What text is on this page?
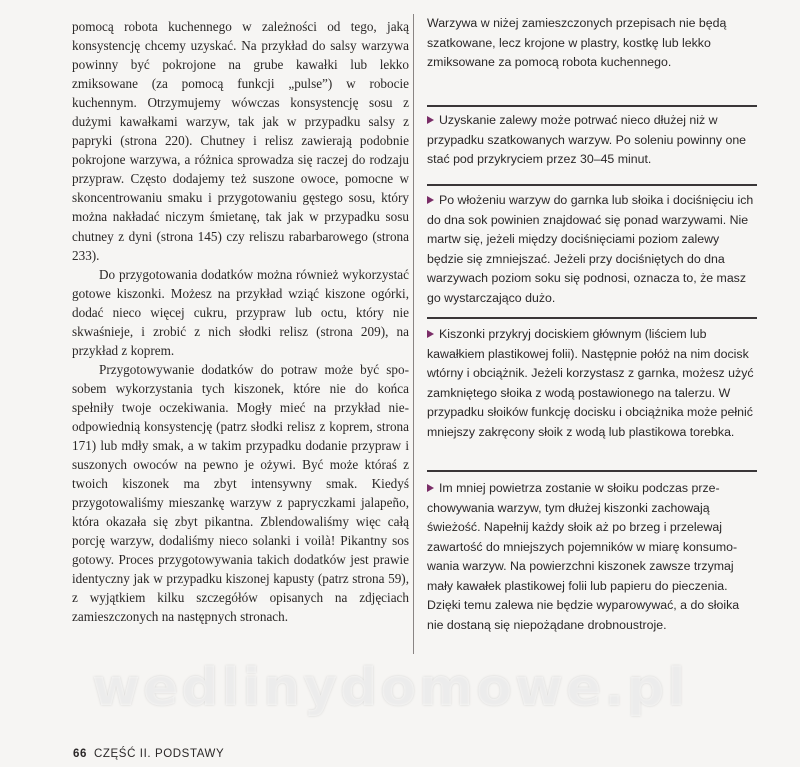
pomocą robota kuchennego w zależności od tego, jaką konsystencję chcemy uzyskać. Na przykład do salsy warzywa powinny być pokrojone na grube kawałki lub lekko zmiksowane (za pomocą funkcji „pulse”) w robocie kuchennym. Otrzymujemy wówczas konsystencję sosu z dużymi kawałkami warzyw, tak jak w przypadku salsy z papryki (strona 220). Chutney i relisz zawierają podobnie pokrojone warzywa, a różnica sprowadza się raczej do rodzaju przypraw. Często dodajemy też suszone owoce, pomocne w skoncentrowaniu smaku i przygotowaniu gęstego sosu, który można nakładać niczym śmietanę, tak jak w przypadku sosu chutney z dyni (strona 145) czy reliszu rabarbarowego (strona 233).

Do przygotowania dodatków można również wykorzystać gotowe kiszonki. Możesz na przykład wziąć kiszone ogórki, dodać nieco więcej cukru, przypraw lub octu, który nie skwaśnieje, i zrobić z nich słodki relisz (strona 209), na przykład z koprem.

Przygotowywanie dodatków do potraw może być sposobem wykorzystania tych kiszonek, które nie do końca spełniły twoje oczekiwania. Mogły mieć na przykład nieodpowiednią konsystencję (patrz słodki relisz z koprem, strona 171) lub mdły smak, a w takim przypadku dodanie przypraw i suszonych owoców na pewno je ożywi. Być może któraś z twoich kiszonek ma zbyt intensywny smak. Kiedyś przygotowaliśmy mieszankę warzyw z papryczkami jalapeño, która okazała się zbyt pikantna. Zblendowaliśmy więc całą porcję warzyw, dodaliśmy nieco solanki i voilà! Pikantny sos gotowy. Proces przygotowywania takich dodatków jest prawie identyczny jak w przypadku kiszonej kapusty (patrz strona 59), z wyjątkiem kilku szczegółów opisanych na zdjęciach zamieszczonych na następnych stronach.

Warzywa w niżej zamieszczonych przepisach nie będą szatkowane, lecz krojone w plastry, kostkę lub lekko zmiksowane za pomocą robota kuchennego.
Uzyskanie zalewy może potrwać nieco dłużej niż w przypadku szatkowanych warzyw. Po soleniu powinny one stać pod przykryciem przez 30–45 minut.
Po włożeniu warzyw do garnka lub słoika i dociśnięciu ich do dna sok powinien znajdować się ponad warzywami. Nie martw się, jeżeli między dociśnięciami poziom zalewy będzie się zmniejszać. Jeżeli przy dociśniętych do dna warzywach poziom soku się podnosi, oznacza to, że masz go wystarczająco dużo.
Kiszonki przykryj dociskiem głównym (liściem lub kawałkiem plastikowej folii). Następnie połóż na nim docisk wtórny i obciążnik. Jeżeli korzystasz z garnka, możesz użyć zamkniętego słoika z wodą postawionego na talerzu. W przypadku słoików funkcję docisku i obciążnika może pełnić mniejszy zakręcony słoik z wodą lub plastikowa torebka.
Im mniej powietrza zostanie w słoiku podczas przechowywania warzyw, tym dłużej kiszonki zachowają świeżość. Napełnij każdy słoik aż po brzeg i przelewaj zawartość do mniejszych pojemników w miarę konsumowania warzyw. Na powierzchni kiszonek zawsze trzymaj mały kawałek plastikowej folii lub papieru do pieczenia. Dzięki temu zalewa nie będzie wyparowywać, a do słoika nie dostaną się niepożądane drobnoustroje.
wedlinydomowe.pl
66 CZĘŚĆ II. PODSTAWY
